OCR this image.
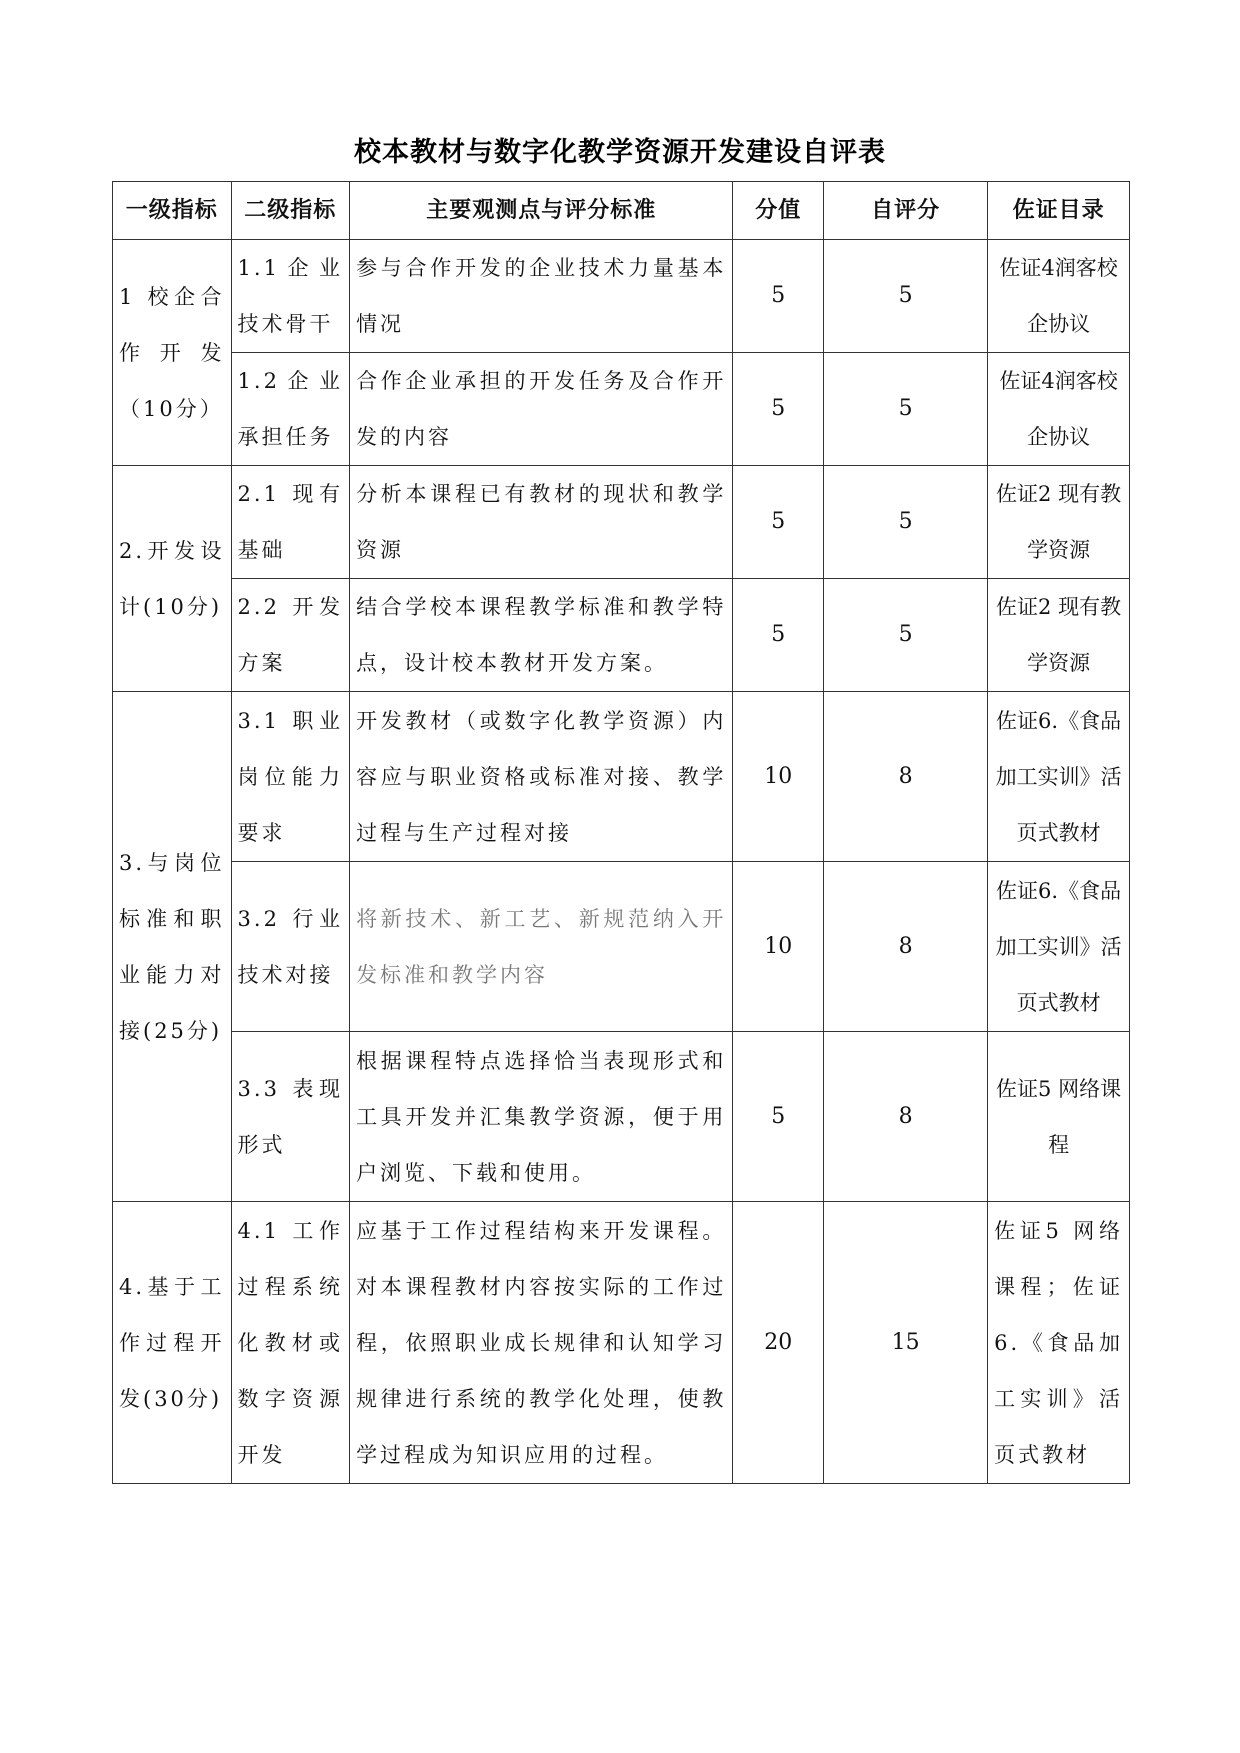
校本教材与数字化教学资源开发建设自评表
一级指标	二级指标	主要观测点与评分标准	分值	自评分	佐证目录
1 校企合作开发（10分）	1.1企业技术骨干	参与合作开发的企业技术力量基本情况	5	5	佐证4润客校企协议
	1.2企业承担任务	合作企业承担的开发任务及合作开发的内容	5	5	佐证4润客校企协议
2.开发设计(10分)	2.1 现有基础	分析本课程已有教材的现状和教学资源	5	5	佐证2 现有教学资源
	2.2 开发方案	结合学校本课程教学标准和教学特点，设计校本教材开发方案。	5	5	佐证2 现有教学资源
3.与岗位标准和职业能力对接(25分)	3.1 职业岗位能力要求	开发教材（或数字化教学资源）内容应与职业资格或标准对接、教学过程与生产过程对接	10	8	佐证6.《食品加工实训》活页式教材
	3.2 行业技术对接	将新技术、新工艺、新规范纳入开发标准和教学内容	10	8	佐证6.《食品加工实训》活页式教材
	3.3 表现形式	根据课程特点选择恰当表现形式和工具开发并汇集教学资源，便于用户浏览、下载和使用。	5	8	佐证5 网络课程
4.基于工作过程开发(30分)	4.1 工作过程系统化教材或数字资源开发	应基于工作过程结构来开发课程。对本课程教材内容按实际的工作过程，依照职业成长规律和认知学习规律进行系统的教学化处理，使教学过程成为知识应用的过程。	20	15	佐证5 网络课程；佐证6.《食品加工实训》活页式教材
